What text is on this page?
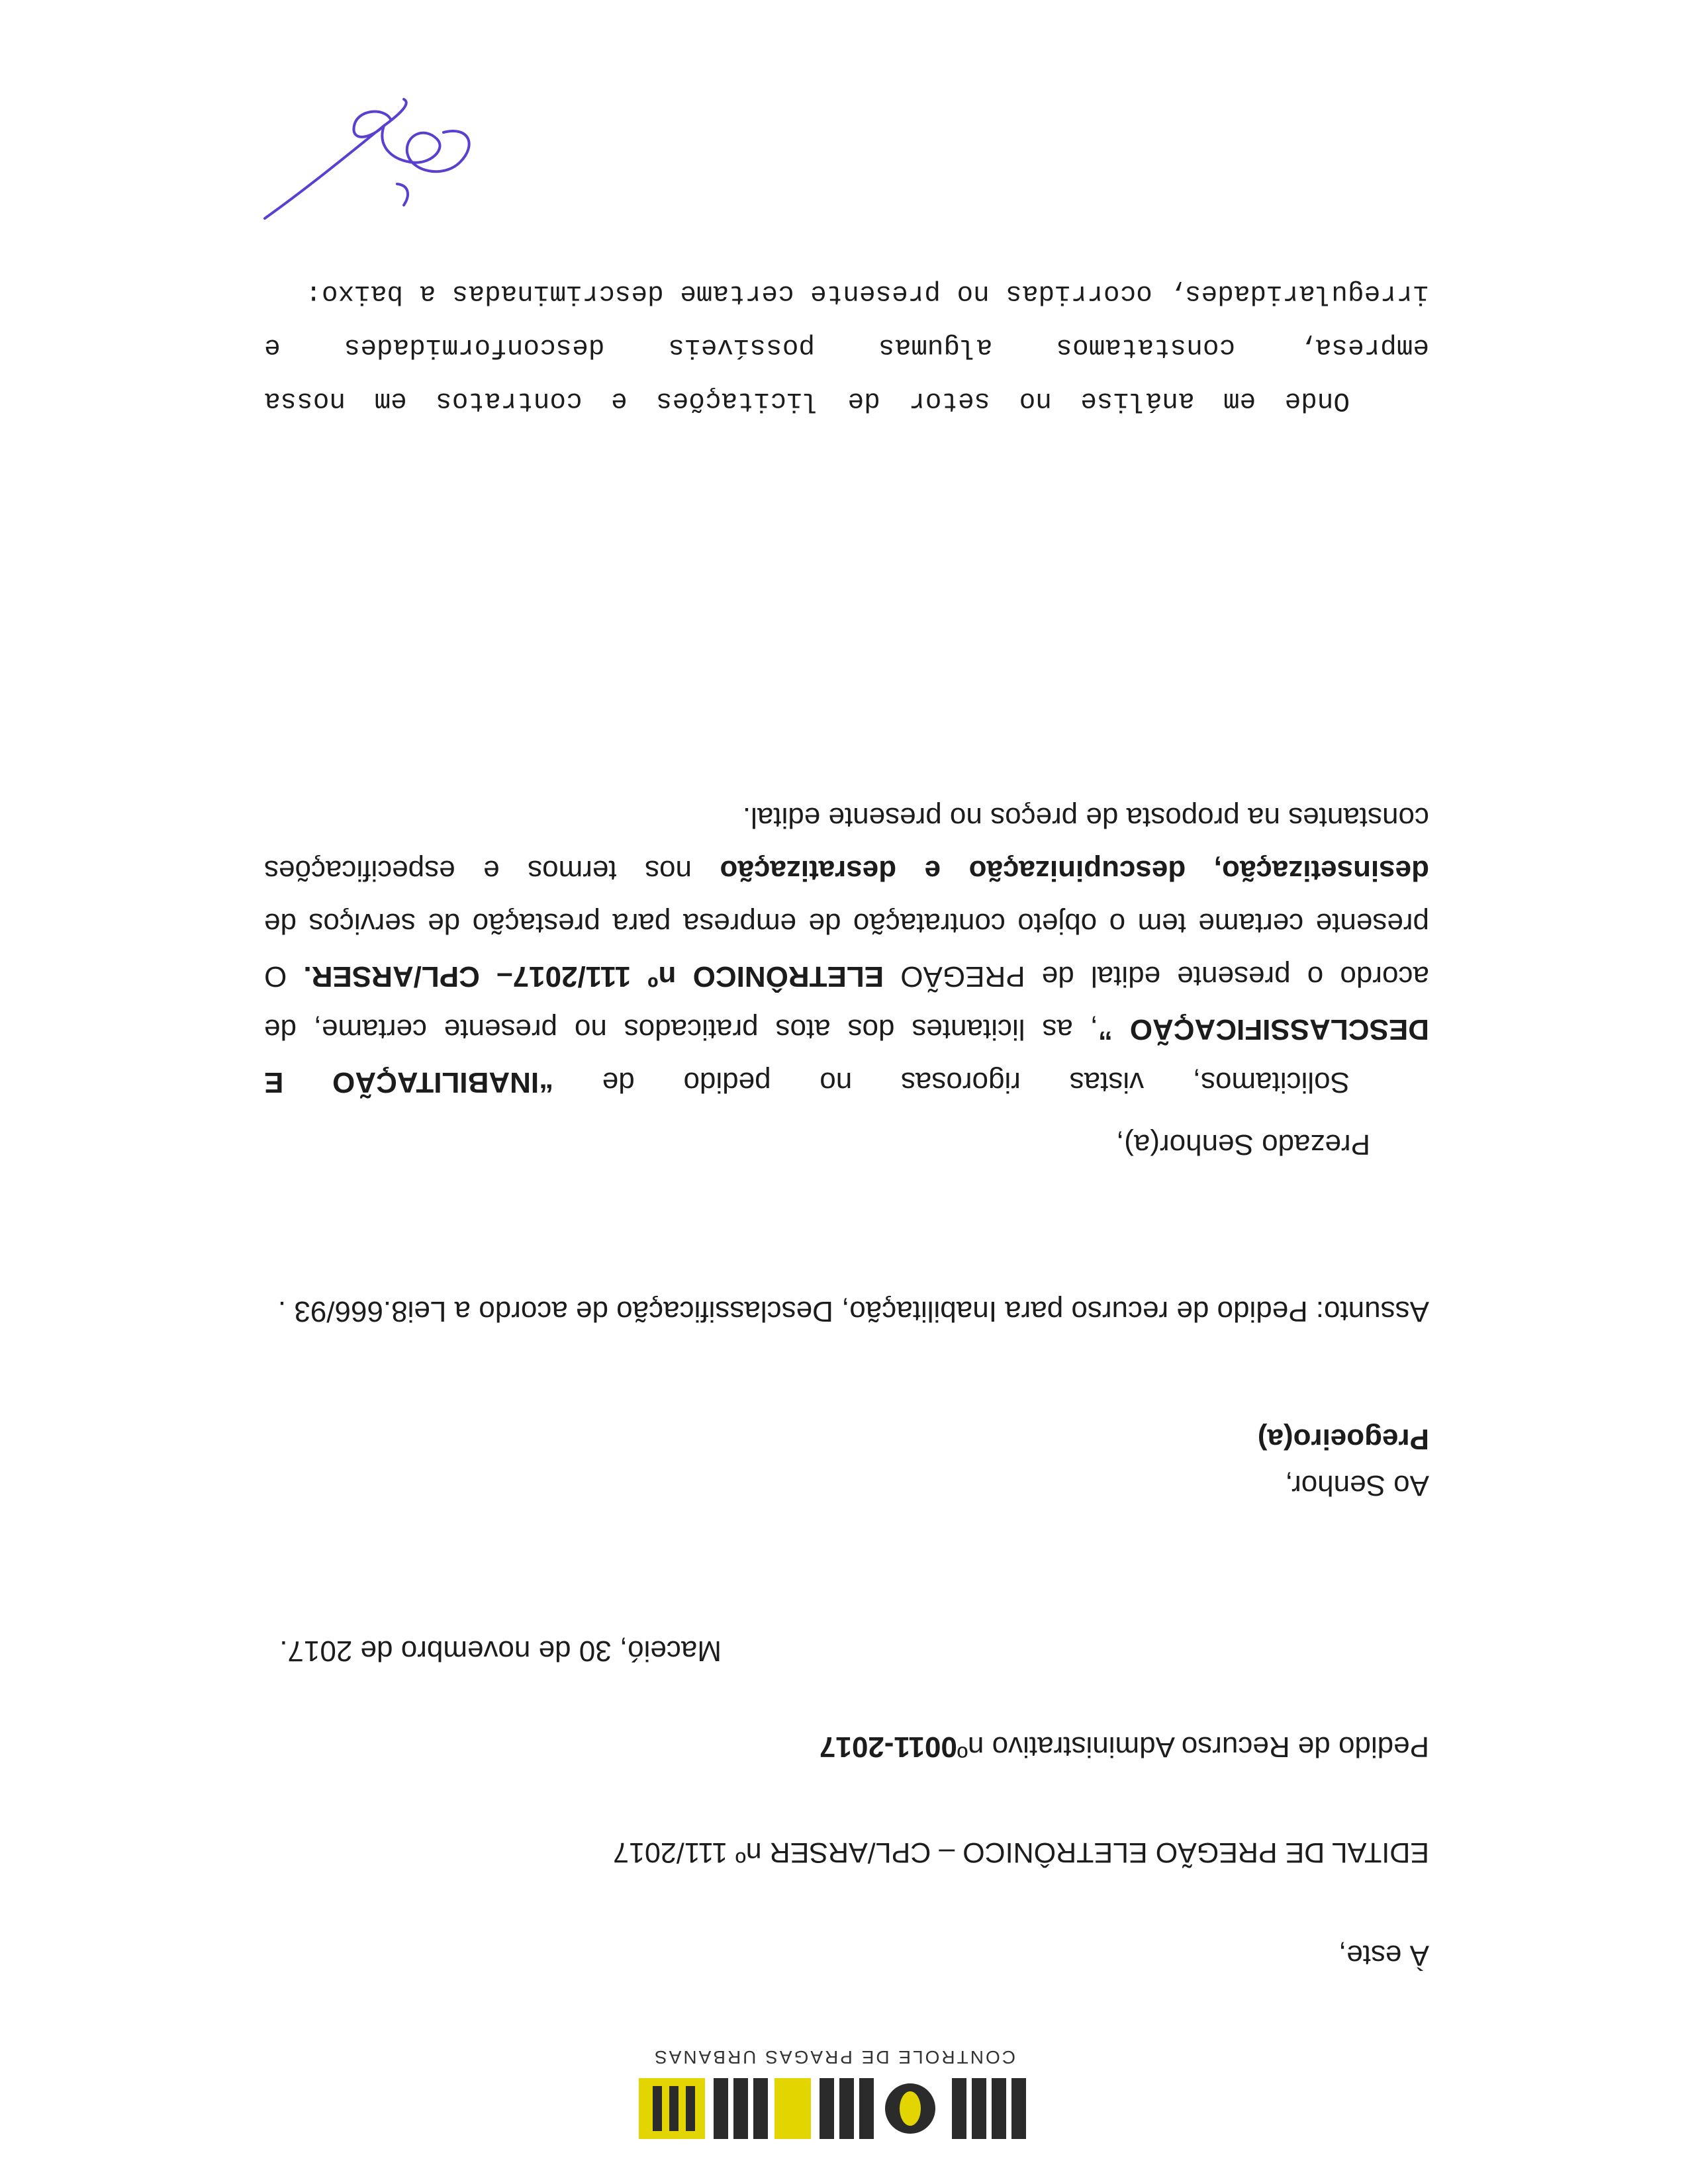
CONTROLE DE PRAGAS URBANAS
À este,
EDITAL DE PREGÃO ELETRÔNICO – CPL/ARSER nº 111/2017
Pedido de Recurso Administrativo nº0011-2017
Maceió, 30 de novembro de 2017.
Ao Senhor,
Pregoeiro(a)
Assunto: Pedido de recurso para Inabilitação, Desclassificação de acordo a Lei8.666/93 .
Prezado Senhor(a),
Solicitamos, vistas rigorosas no pedido de “INABILITAÇÃO E DESCLASSIFICAÇÃO ”, as licitantes dos atos praticados no presente certame, de acordo o presente edital de PREGÃO ELETRÔNICO nº 111/2017– CPL/ARSER. O presente certame tem o objeto contratação de empresa para prestação de serviços de desinsetização, descupinização e desratização nos termos e especificações constantes na proposta de preços no presente edital.
Onde em análise no setor de licitações e contratos em nossa empresa, constatamos algumas possíveis desconformidades e irregularidades, ocorridas no presente certame descriminadas a baixo:
